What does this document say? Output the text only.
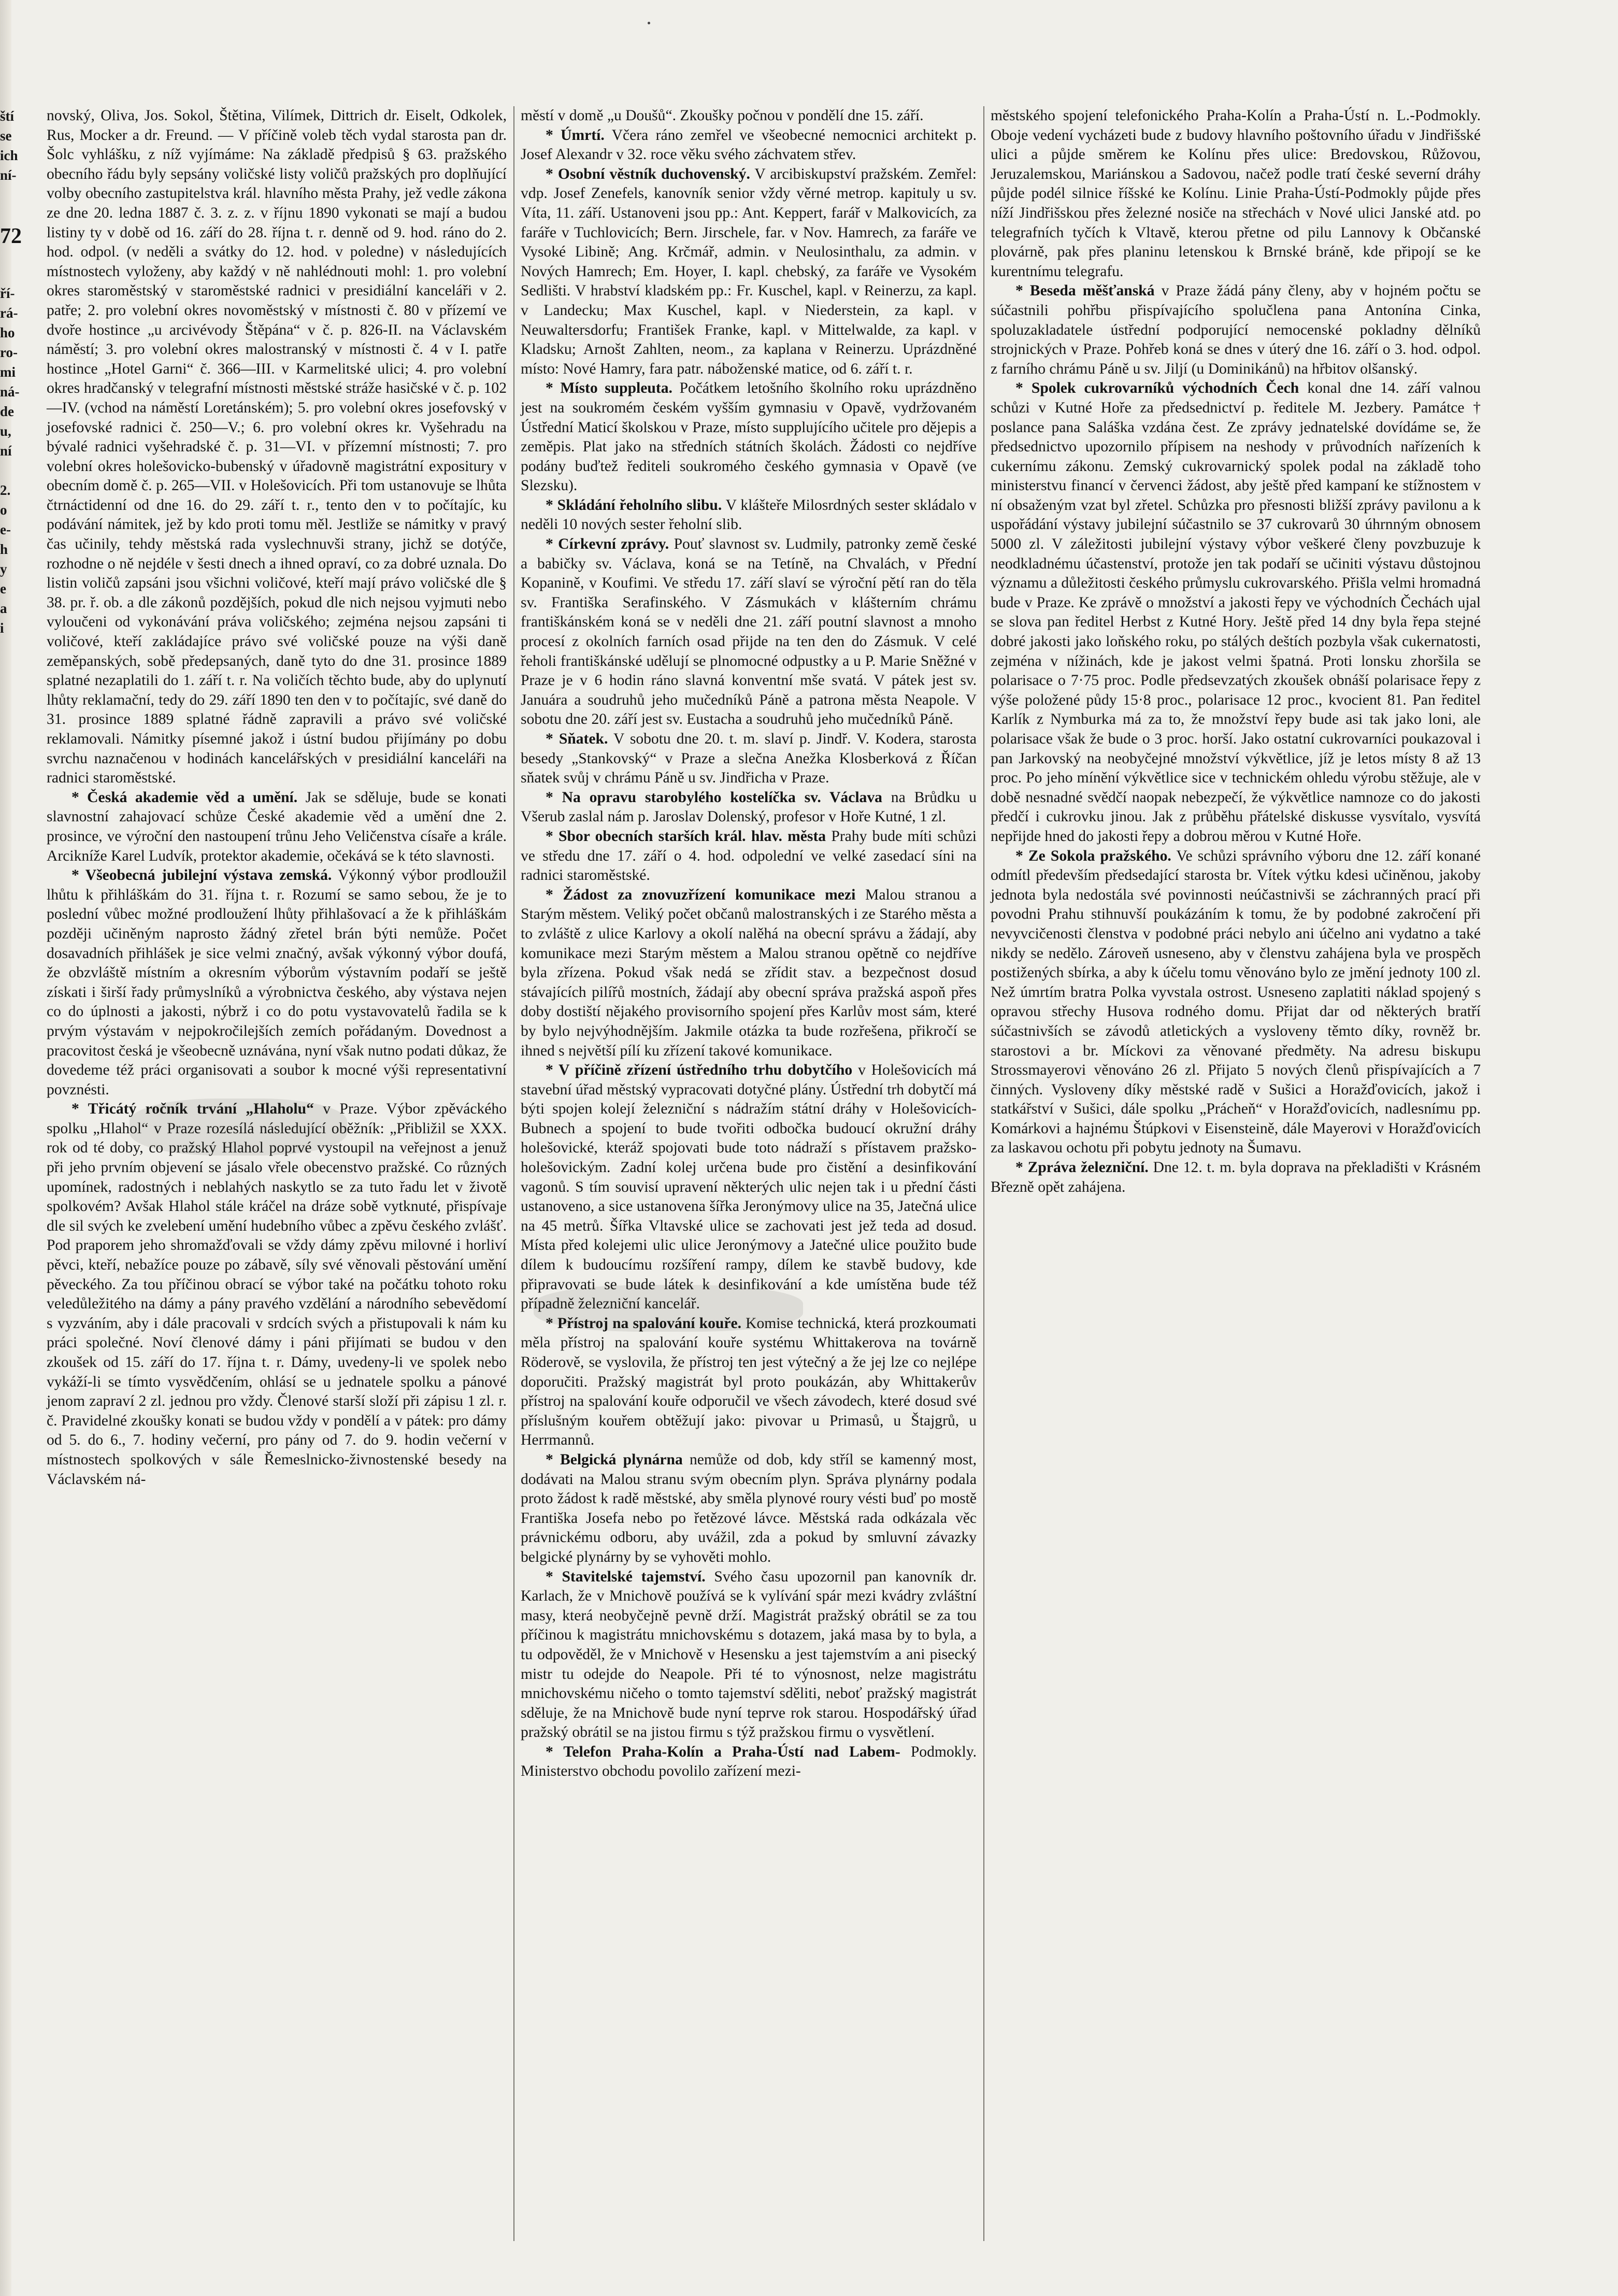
ští
se
ich
ní-
ří-
rá-
ho
ro-
mi
ná-
de
u,
ní
2.
o
e-
h
y
e
a
i
72

novský, Oliva, Jos. Sokol, Štětina, Vilímek, Dittrich dr. Eiselt, Odkolek, Rus, Mocker a dr. Freund. — V příčině voleb těch vydal starosta pan dr. Šolc vyhlášku, z níž vyjímáme: Na základě předpisů § 63. pražského obecního řádu byly sepsány voličské listy voličů pražských pro doplňující volby obecního zastupitelstva král. hlavního města Prahy, jež vedle zákona ze dne 20. ledna 1887 č. 3. z. z. v říjnu 1890 vykonati se mají a budou listiny ty v době od 16. září do 28. října t. r. denně od 9. hod. ráno do 2. hod. odpol. (v neděli a svátky do 12. hod. v poledne) v následujících místnostech vyloženy, aby každý v ně nahlédnouti mohl: 1. pro volební okres staroměstský v staroměstské radnici v presidiální kanceláři v 2. patře; 2. pro volební okres novoměstský v místnosti č. 80 v přízemí ve dvoře hostince „u arcivévody Štěpána“ v č. p. 826-II. na Václavském náměstí; 3. pro volební okres malostranský v místnosti č. 4 v I. patře hostince „Hotel Garni“ č. 366—III. v Karmelitské ulici; 4. pro volební okres hradčanský v telegrafní místnosti městské stráže hasičské v č. p. 102—IV. (vchod na náměstí Loretánském); 5. pro volební okres josefovský v josefovské radnici č. 250—V.; 6. pro volební okres kr. Vyšehradu na bývalé radnici vyšehradské č. p. 31—VI. v přízemní místnosti; 7. pro volební okres holešovicko-bubenský v úřadovně magistrátní expositury v obecním domě č. p. 265—VII. v Holešovicích. Při tom ustanovuje se lhůta čtrnáctidenní od dne 16. do 29. září t. r., tento den v to počítajíc, ku podávání námitek, jež by kdo proti tomu měl. Jestliže se námitky v pravý čas učinily, tehdy městská rada vyslechnuvši strany, jichž se dotýče, rozhodne o ně nejdéle v šesti dnech a ihned opraví, co za dobré uznala. Do listin voličů zapsáni jsou všichni voličové, kteří mají právo voličské dle § 38. pr. ř. ob. a dle zákonů pozdějších, pokud dle nich nejsou vyjmuti nebo vyloučeni od vykonávání práva voličského; zejména nejsou zapsáni ti voličové, kteří zakládajíce právo své voličské pouze na výši daně zeměpanských, sobě předepsaných, daně tyto do dne 31. prosince 1889 splatné nezaplatili do 1. září t. r. Na voličích těchto bude, aby do uplynutí lhůty reklamační, tedy do 29. září 1890 ten den v to počítajíc, své daně do 31. prosince 1889 splatné řádně zapravili a právo své voličské reklamovali. Námitky písemné jakož i ústní budou přijímány po dobu svrchu naznačenou v hodinách kancelářských v presidiální kanceláři na radnici staroměstské.

* Česká akademie věd a umění. Jak se sděluje, bude se konati slavnostní zahajovací schůze České akademie věd a umění dne 2. prosince, ve výroční den nastoupení trůnu Jeho Veličenstva císaře a krále. Arcikníže Karel Ludvík, protektor akademie, očekává se k této slavnosti.

* Všeobecná jubilejní výstava zemská. Výkonný výbor prodloužil lhůtu k přihláškám do 31. října t. r. Rozumí se samo sebou, že je to poslední vůbec možné prodloužení lhůty přihlašovací a že k přihláškám později učiněným naprosto žádný zřetel brán býti nemůže. Počet dosavadních přihlášek je sice velmi značný, avšak výkonný výbor doufá, že obzvláště místním a okresním výborům výstavním podaří se ještě získati i širší řady průmyslníků a výrobnictva českého, aby výstava nejen co do úplnosti a jakosti, nýbrž i co do potu vystavovatelů řadila se k prvým výstavám v nejpokročilejších zemích pořádaným. Dovednost a pracovitost česká je všeobecně uznávána, nyní však nutno podati důkaz, že dovedeme též práci organisovati a soubor k mocné výši representativní povznésti.

* Třicátý ročník trvání „Hlaholu“ v Praze. Výbor zpěváckého spolku „Hlahol“ v Praze rozesílá následující oběžník: „Přibližil se XXX. rok od té doby, co pražský Hlahol poprvé vystoupil na veřejnost a jenuž při jeho prvním objevení se jásalo vřele obecenstvo pražské. Co různých upomínek, radostných i neblahých naskytlo se za tuto řadu let v životě spolkovém? Avšak Hlahol stále kráčel na dráze sobě vytknuté, přispívaje dle sil svých ke zvelebení umění hudebního vůbec a zpěvu českého zvlášť. Pod praporem jeho shromažďovali se vždy dámy zpěvu milovné i horliví pěvci, kteří, nebažíce pouze po zábavě, síly své věnovali pěstování umění pěveckého. Za tou příčinou obrací se výbor také na počátku tohoto roku veledůležitého na dámy a pány pravého vzdělání a národního sebevědomí s vyzváním, aby i dále pracovali v srdcích svých a přistupovali k nám ku práci společné. Noví členové dámy i páni přijímati se budou v den zkoušek od 15. září do 17. října t. r. Dámy, uvedeny-li ve spolek nebo vykáží-li se tímto vysvědčením, ohlásí se u jednatele spolku a pánové jenom zapraví 2 zl. jednou pro vždy. Členové starší složí při zápisu 1 zl. r. č. Pravidelné zkoušky konati se budou vždy v pondělí a v pátek: pro dámy od 5. do 6., 7. hodiny večerní, pro pány od 7. do 9. hodin večerní v místnostech spolkových v sále Řemeslnicko-živnostenské besedy na Václavském ná-

městí v domě „u Doušů“. Zkoušky počnou v pondělí dne 15. září.

* Úmrtí. Včera ráno zemřel ve všeobecné nemocnici architekt p. Josef Alexandr v 32. roce věku svého záchvatem střev.

* Osobní věstník duchovenský. V arcibiskupství pražském. Zemřel: vdp. Josef Zenefels, kanovník senior vždy věrné metrop. kapituly u sv. Víta, 11. září. Ustanoveni jsou pp.: Ant. Keppert, farář v Malkovicích, za faráře v Tuchlovicích; Bern. Jirschele, far. v Nov. Hamrech, za faráře ve Vysoké Libině; Ang. Krčmář, admin. v Neulosinthalu, za admin. v Nových Hamrech; Em. Hoyer, I. kapl. chebský, za faráře ve Vysokém Sedlišti. V hrabství kladském pp.: Fr. Kuschel, kapl. v Reinerzu, za kapl. v Landecku; Max Kuschel, kapl. v Niederstein, za kapl. v Neuwaltersdorfu; František Franke, kapl. v Mittelwalde, za kapl. v Kladsku; Arnošt Zahlten, neom., za kaplana v Reinerzu. Uprázdněné místo: Nové Hamry, fara patr. náboženské matice, od 6. září t. r.

* Místo suppleuta. Počátkem letošního školního roku uprázdněno jest na soukromém českém vyšším gymnasiu v Opavě, vydržovaném Ústřední Maticí školskou v Praze, místo supplujícího učitele pro dějepis a zeměpis. Plat jako na středních státních školách. Žádosti co nejdříve podány buďtež řediteli soukromého českého gymnasia v Opavě (ve Slezsku).

* Skládání řeholního slibu. V klášteře Milosrdných sester skládalo v neděli 10 nových sester řeholní slib.

* Církevní zprávy. Pouť slavnost sv. Ludmily, patronky země české a babičky sv. Václava, koná se na Tetíně, na Chvalách, v Přední Kopanině, v Koufimi. Ve středu 17. září slaví se výroční pětí ran do těla sv. Františka Serafinského. V Zásmukách v klášterním chrámu františkánském koná se v neděli dne 21. září poutní slavnost a mnoho procesí z okolních farních osad přijde na ten den do Zásmuk. V celé řeholi františkánské udělují se plnomocné odpustky a u P. Marie Sněžné v Praze je v 6 hodin ráno slavná konventní mše svatá. V pátek jest sv. Januára a soudruhů jeho mučedníků Páně a patrona města Neapole. V sobotu dne 20. září jest sv. Eustacha a soudruhů jeho mučedníků Páně.

* Sňatek. V sobotu dne 20. t. m. slaví p. Jindř. V. Kodera, starosta besedy „Stankovský“ v Praze a slečna Anežka Klosberková z Říčan sňatek svůj v chrámu Páně u sv. Jindřicha v Praze.

* Na opravu starobylého kostelíčka sv. Václava na Brůdku u Všerub zaslal nám p. Jaroslav Dolenský, profesor v Hoře Kutné, 1 zl.

* Sbor obecních starších král. hlav. města Prahy bude míti schůzi ve středu dne 17. září o 4. hod. odpolední ve velké zasedací síni na radnici staroměstské.

* Žádost za znovuzřízení komunikace mezi Malou stranou a Starým městem. Veliký počet občanů malostranských i ze Starého města a to zvláště z ulice Karlovy a okolí nalěhá na obecní správu a žádají, aby komunikace mezi Starým městem a Malou stranou opětně co nejdříve byla zřízena. Pokud však nedá se zřídit stav. a bezpečnost dosud stávajících pilířů mostních, žádají aby obecní správa pražská aspoň přes doby dostiští nějakého provisorního spojení přes Karlův most sám, které by bylo nejvýhodnějším. Jakmile otázka ta bude rozřešena, přikročí se ihned s největší pílí ku zřízení takové komunikace.

* V příčině zřízení ústředního trhu dobytčího v Holešovicích má stavební úřad městský vypracovati dotyčné plány. Ústřední trh dobytčí má býti spojen kolejí železniční s nádražím státní dráhy v Holešovicích-Bubnech a spojení to bude tvořiti odbočka budoucí okružní dráhy holešovické, kteráž spojovati bude toto nádraží s přístavem pražsko-holešovickým. Zadní kolej určena bude pro čistění a desinfikování vagonů. S tím souvisí upravení některých ulic nejen tak i u přední části ustanoveno, a sice ustanovena šířka Jeronýmovy ulice na 35, Jatečná ulice na 45 metrů. Šířka Vltavské ulice se zachovati jest jež teda ad dosud. Místa před kolejemi ulic ulice Jeronýmovy a Jatečné ulice použito bude dílem k budoucímu rozšíření rampy, dílem ke stavbě budovy, kde připravovati se bude látek k desinfikování a kde umístěna bude též případně železniční kancelář.

* Přístroj na spalování kouře. Komise technická, která prozkoumati měla přístroj na spalování kouře systému Whittakerova na továrně Röderově, se vyslovila, že přístroj ten jest výtečný a že jej lze co nejlépe doporučiti. Pražský magistrát byl proto poukázán, aby Whittakerův přístroj na spalování kouře odporučil ve všech závodech, které dosud své příslušným kouřem obtěžují jako: pivovar u Primasů, u Štajgrů, u Herrmannů.

* Belgická plynárna nemůže od dob, kdy stříl se kamenný most, dodávati na Malou stranu svým obecním plyn. Správa plynárny podala proto žádost k radě městské, aby směla plynové roury vésti buď po mostě Františka Josefa nebo po řetězové lávce. Městská rada odkázala věc právnickému odboru, aby uvážil, zda a pokud by smluvní závazky belgické plynárny by se vyhověti mohlo.

* Stavitelské tajemství. Svého času upozornil pan kanovník dr. Karlach, že v Mnichově používá se k vylívání spár mezi kvádry zvláštní masy, která neobyčejně pevně drží. Magistrát pražský obrátil se za tou příčinou k magistrátu mnichovskému s dotazem, jaká masa by to byla, a tu odpověděl, že v Mnichově v Hesensku a jest tajemstvím a ani pisecký mistr tu odejde do Neapole. Při té to výnosnost, nelze magistrátu mnichovskému ničeho o tomto tajemství sděliti, neboť pražský magistrát sděluje, že na Mnichově bude nyní teprve rok starou. Hospodářský úřad pražský obrátil se na jistou firmu s týž pražskou firmu o vysvětlení.

* Telefon Praha-Kolín a Praha-Ústí nad Labem- Podmokly. Ministerstvo obchodu povolilo zařízení mezi-

městského spojení telefonického Praha-Kolín a Praha-Ústí n. L.-Podmokly. Oboje vedení vycházeti bude z budovy hlavního poštovního úřadu v Jindřišské ulici a půjde směrem ke Kolínu přes ulice: Bredovskou, Růžovou, Jeruzalemskou, Mariánskou a Sadovou, načež podle tratí české severní dráhy půjde podél silnice říšské ke Kolínu. Linie Praha-Ústí-Podmokly půjde přes níží Jindřišskou přes železné nosiče na střechách v Nové ulici Janské atd. po telegrafních tyčích k Vltavě, kterou přetne od pilu Lannovy k Občanské plovárně, pak přes planinu letenskou k Brnské bráně, kde připojí se ke kurentnímu telegrafu.

* Beseda měšťanská v Praze žádá pány členy, aby v hojném počtu se súčastnili pohřbu přispívajícího spolučlena pana Antonína Cinka, spoluzakladatele ústřední podporující nemocenské pokladny dělníků strojnických v Praze. Pohřeb koná se dnes v úterý dne 16. září o 3. hod. odpol. z farního chrámu Páně u sv. Jiljí (u Dominikánů) na hřbitov olšanský.

* Spolek cukrovarníků východních Čech konal dne 14. září valnou schůzi v Kutné Hoře za předsednictví p. ředitele M. Jezbery. Památce † poslance pana Saláška vzdána čest. Ze zprávy jednatelské dovídáme se, že předsednictvo upozornilo přípisem na neshody v průvodních nařízeních k cukernímu zákonu. Zemský cukrovarnický spolek podal na základě toho ministerstvu financí v červenci žádost, aby ještě před kampaní ke stížnostem v ní obsaženým vzat byl zřetel. Schůzka pro přesnosti bližší zprávy pavilonu a k uspořádání výstavy jubilejní súčastnilo se 37 cukrovarů 30 úhrnným obnosem 5000 zl. V záležitosti jubilejní výstavy výbor veškeré členy povzbuzuje k neodkladnému účastenství, protože jen tak podaří se učiniti výstavu důstojnou významu a důležitosti českého průmyslu cukrovarského. Přišla velmi hromadná bude v Praze. Ke zprávě o množství a jakosti řepy ve východních Čechách ujal se slova pan ředitel Herbst z Kutné Hory. Ještě před 14 dny byla řepa stejné dobré jakosti jako loňského roku, po stálých deštích pozbyla však cukernatosti, zejména v nížinách, kde je jakost velmi špatná. Proti lonsku zhoršila se polarisace o 7·75 proc. Podle předsevzatých zkoušek obnáší polarisace řepy z výše položené půdy 15·8 proc., polarisace 12 proc., kvocient 81. Pan ředitel Karlík z Nymburka má za to, že množství řepy bude asi tak jako loni, ale polarisace však že bude o 3 proc. horší. Jako ostatní cukrovarníci poukazoval i pan Jarkovský na neobyčejné množství výkvětlice, jíž je letos místy 8 až 13 proc. Po jeho mínění výkvětlice sice v technickém ohledu výrobu stěžuje, ale v době nesnadné svědčí naopak nebezpečí, že výkvětlice namnoze co do jakosti předčí i cukrovku jinou. Jak z průběhu přátelské diskusse vysvítalo, vysvítá nepřijde hned do jakosti řepy a dobrou měrou v Kutné Hoře.

* Ze Sokola pražského. Ve schůzi správního výboru dne 12. září konané odmítl především předsedající starosta br. Vítek výtku kdesi učiněnou, jakoby jednota byla nedostála své povinnosti neúčastnivši se záchranných prací při povodni Prahu stihnuvší poukázáním k tomu, že by podobné zakročení při nevyvcičenosti členstva v podobné práci nebylo ani účelno ani vydatno a také nikdy se nedělo. Zároveň usneseno, aby v členstvu zahájena byla ve prospěch postižených sbírka, a aby k účelu tomu věnováno bylo ze jmění jednoty 100 zl. Než úmrtím bratra Polka vyvstala ostrost. Usneseno zaplatiti náklad spojený s opravou střechy Husova rodného domu. Přijat dar od některých bratří súčastnivších se závodů atletických a vysloveny těmto díky, rovněž br. starostovi a br. Míckovi za věnované předměty. Na adresu biskupu Strossmayerovi věnováno 26 zl. Přijato 5 nových členů přispívajících a 7 činných. Vysloveny díky městské radě v Sušici a Horažďovicích, jakož i statkářství v Sušici, dále spolku „Prácheň“ v Horažďovicích, nadlesnímu pp. Komárkovi a hajnému Štúpkovi v Eisensteině, dále Mayerovi v Horažďovicích za laskavou ochotu při pobytu jednoty na Šumavu.

* Zpráva železniční. Dne 12. t. m. byla doprava na překladišti v Krásném Březně opět zahájena.
